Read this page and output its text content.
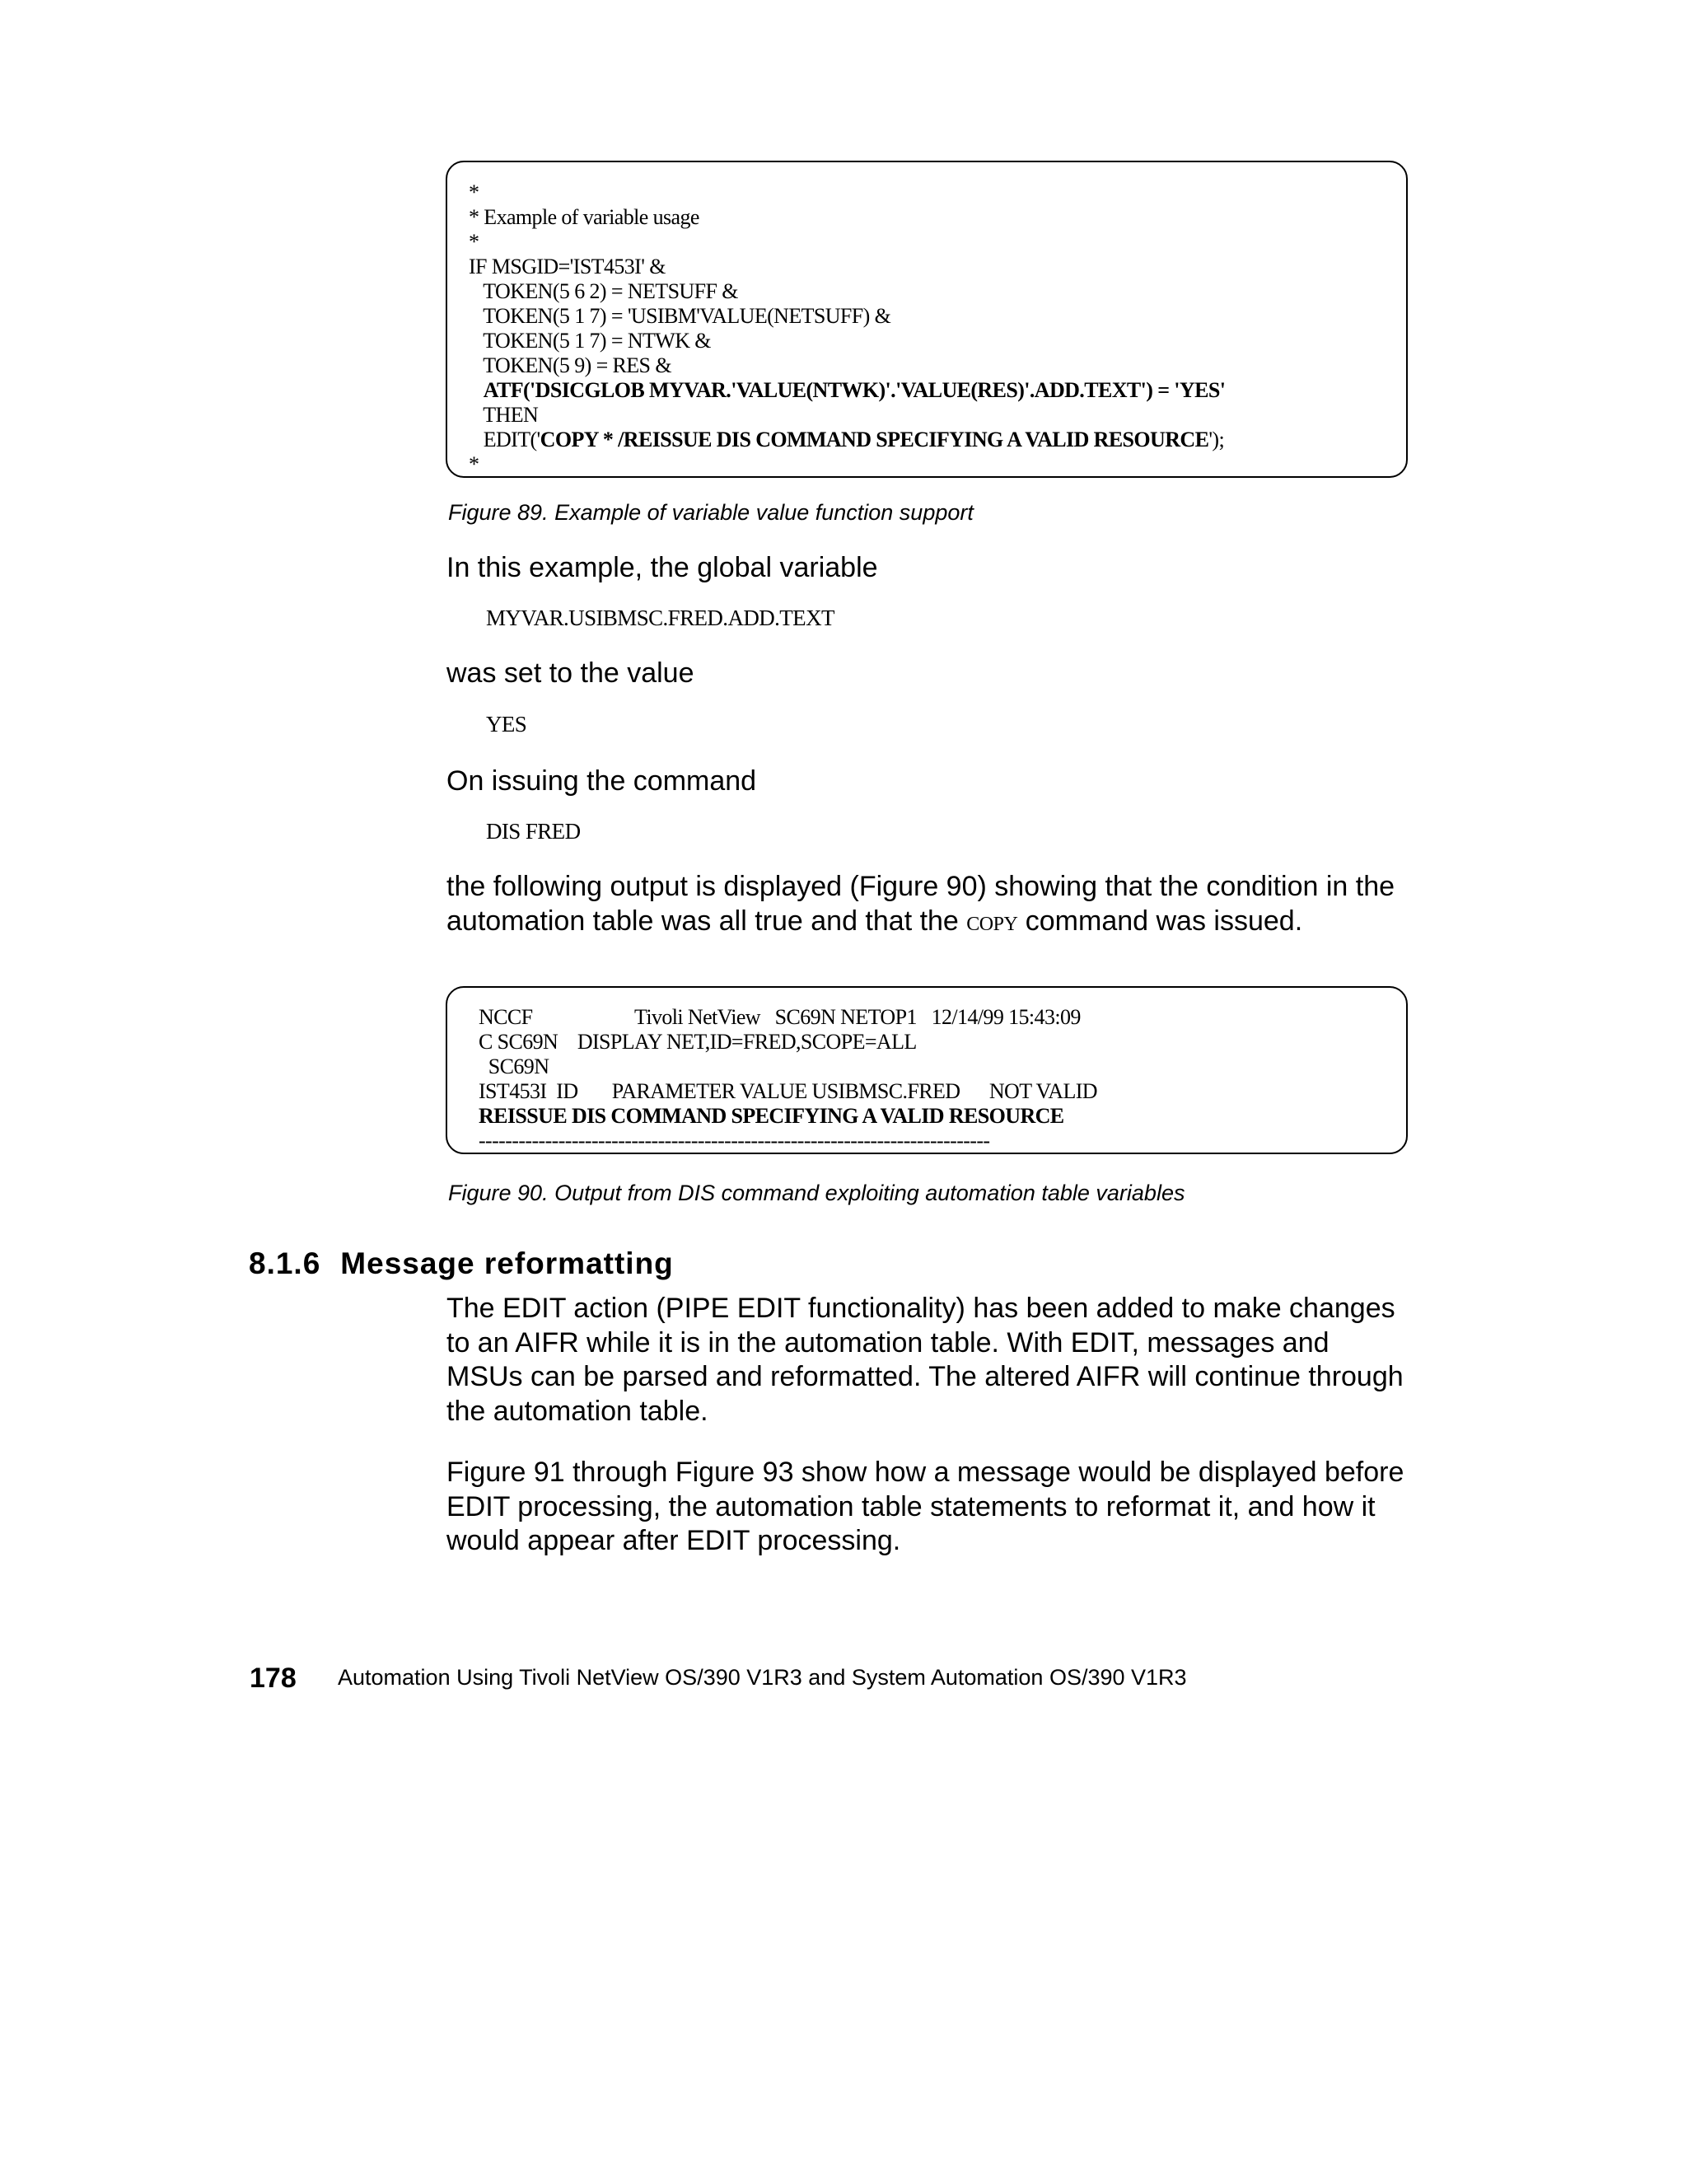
*
* Example of variable usage
*
IF MSGID='IST453I' &
TOKEN(5 6 2) = NETSUFF &
TOKEN(5 1 7) = 'USIBM'VALUE(NETSUFF) &
TOKEN(5 1 7) = NTWK &
TOKEN(5 9) = RES &
ATF('DSICGLOB MYVAR.'VALUE(NTWK)'.'VALUE(RES)'.ADD.TEXT') = 'YES'
THEN
EDIT('COPY * /REISSUE DIS COMMAND SPECIFYING A VALID RESOURCE');
*
Figure 89. Example of variable value function support

In this example, the global variable

MYVAR.USIBMSC.FRED.ADD.TEXT

was set to the value

YES

On issuing the command

DIS FRED

the following output is displayed (Figure 90) showing that the condition in the automation table was all true and that the COPY command was issued.

NCCF                     Tivoli NetView   SC69N NETOP1   12/14/99 15:43:09
C SC69N    DISPLAY NET,ID=FRED,SCOPE=ALL
SC69N
IST453I  ID       PARAMETER VALUE USIBMSC.FRED      NOT VALID
REISSUE DIS COMMAND SPECIFYING A VALID RESOURCE
-----------------------------------------------------------------------------
Figure 90. Output from DIS command exploiting automation table variables
8.1.6 Message reformatting

The EDIT action (PIPE EDIT functionality) has been added to make changes to an AIFR while it is in the automation table. With EDIT, messages and MSUs can be parsed and reformatted. The altered AIFR will continue through the automation table.

Figure 91 through Figure 93 show how a message would be displayed before EDIT processing, the automation table statements to reformat it, and how it would appear after EDIT processing.

178 Automation Using Tivoli NetView OS/390 V1R3 and System Automation OS/390 V1R3
